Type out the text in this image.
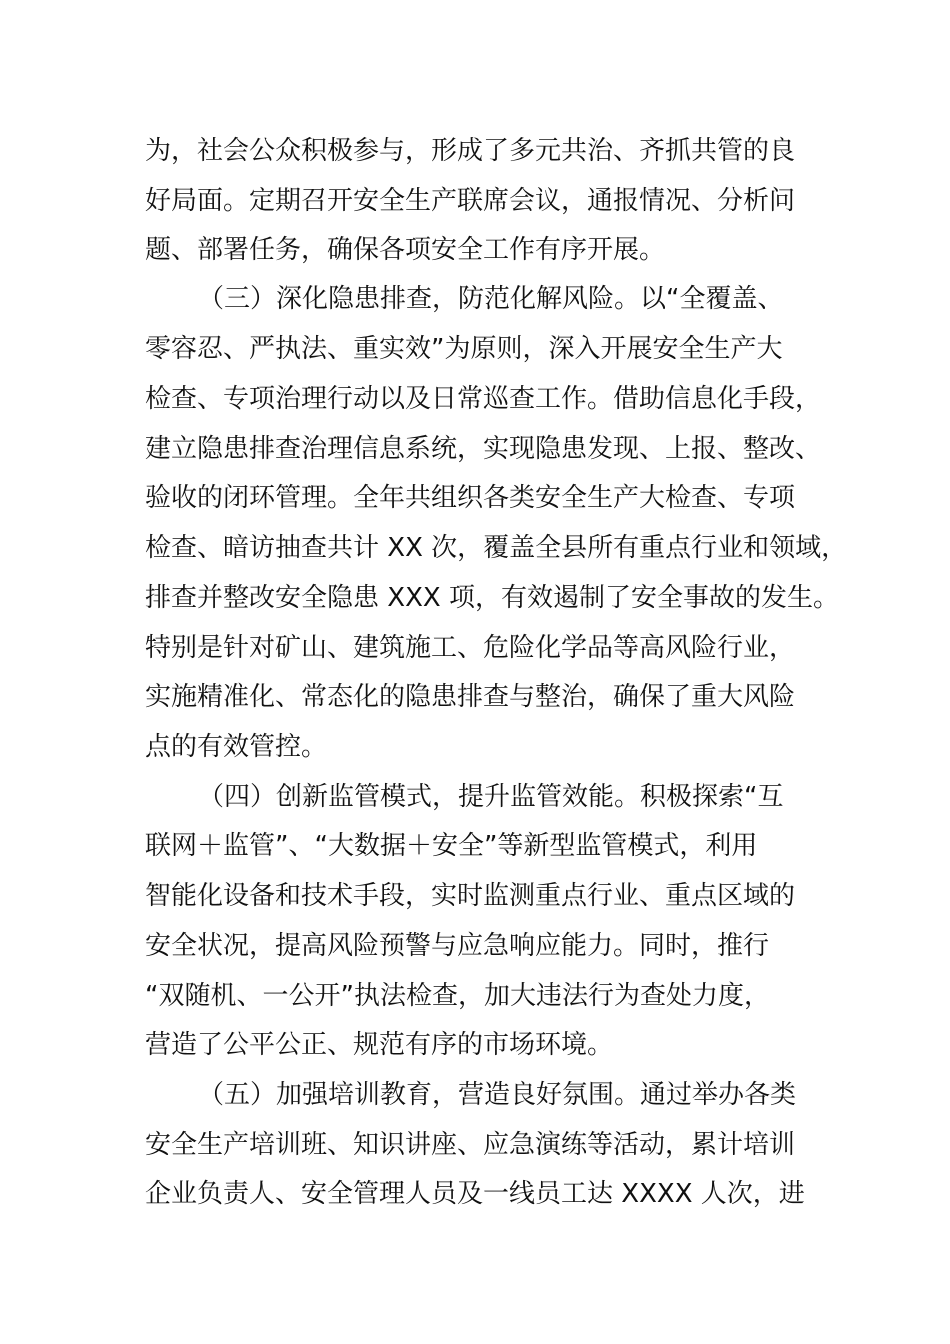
为，社会公众积极参与，形成了多元共治、齐抓共管的良
好局面。定期召开安全生产联席会议，通报情况、分析问
题、部署任务，确保各项安全工作有序开展。
（三）深化隐患排查，防范化解风险。以“全覆盖、
零容忍、严执法、重实效”为原则，深入开展安全生产大
检查、专项治理行动以及日常巡查工作。借助信息化手段，
建立隐患排查治理信息系统，实现隐患发现、上报、整改、
验收的闭环管理。全年共组织各类安全生产大检查、专项
检查、暗访抽查共计 XX 次，覆盖全县所有重点行业和领域，
排查并整改安全隐患 XXX 项，有效遏制了安全事故的发生。
特别是针对矿山、建筑施工、危险化学品等高风险行业，
实施精准化、常态化的隐患排查与整治，确保了重大风险
点的有效管控。
（四）创新监管模式，提升监管效能。积极探索“互
联网＋监管”、“大数据＋安全”等新型监管模式，利用
智能化设备和技术手段，实时监测重点行业、重点区域的
安全状况，提高风险预警与应急响应能力。同时，推行
“双随机、一公开”执法检查，加大违法行为查处力度，
营造了公平公正、规范有序的市场环境。
（五）加强培训教育，营造良好氛围。通过举办各类
安全生产培训班、知识讲座、应急演练等活动，累计培训
企业负责人、安全管理人员及一线员工达 XXXX 人次，进
